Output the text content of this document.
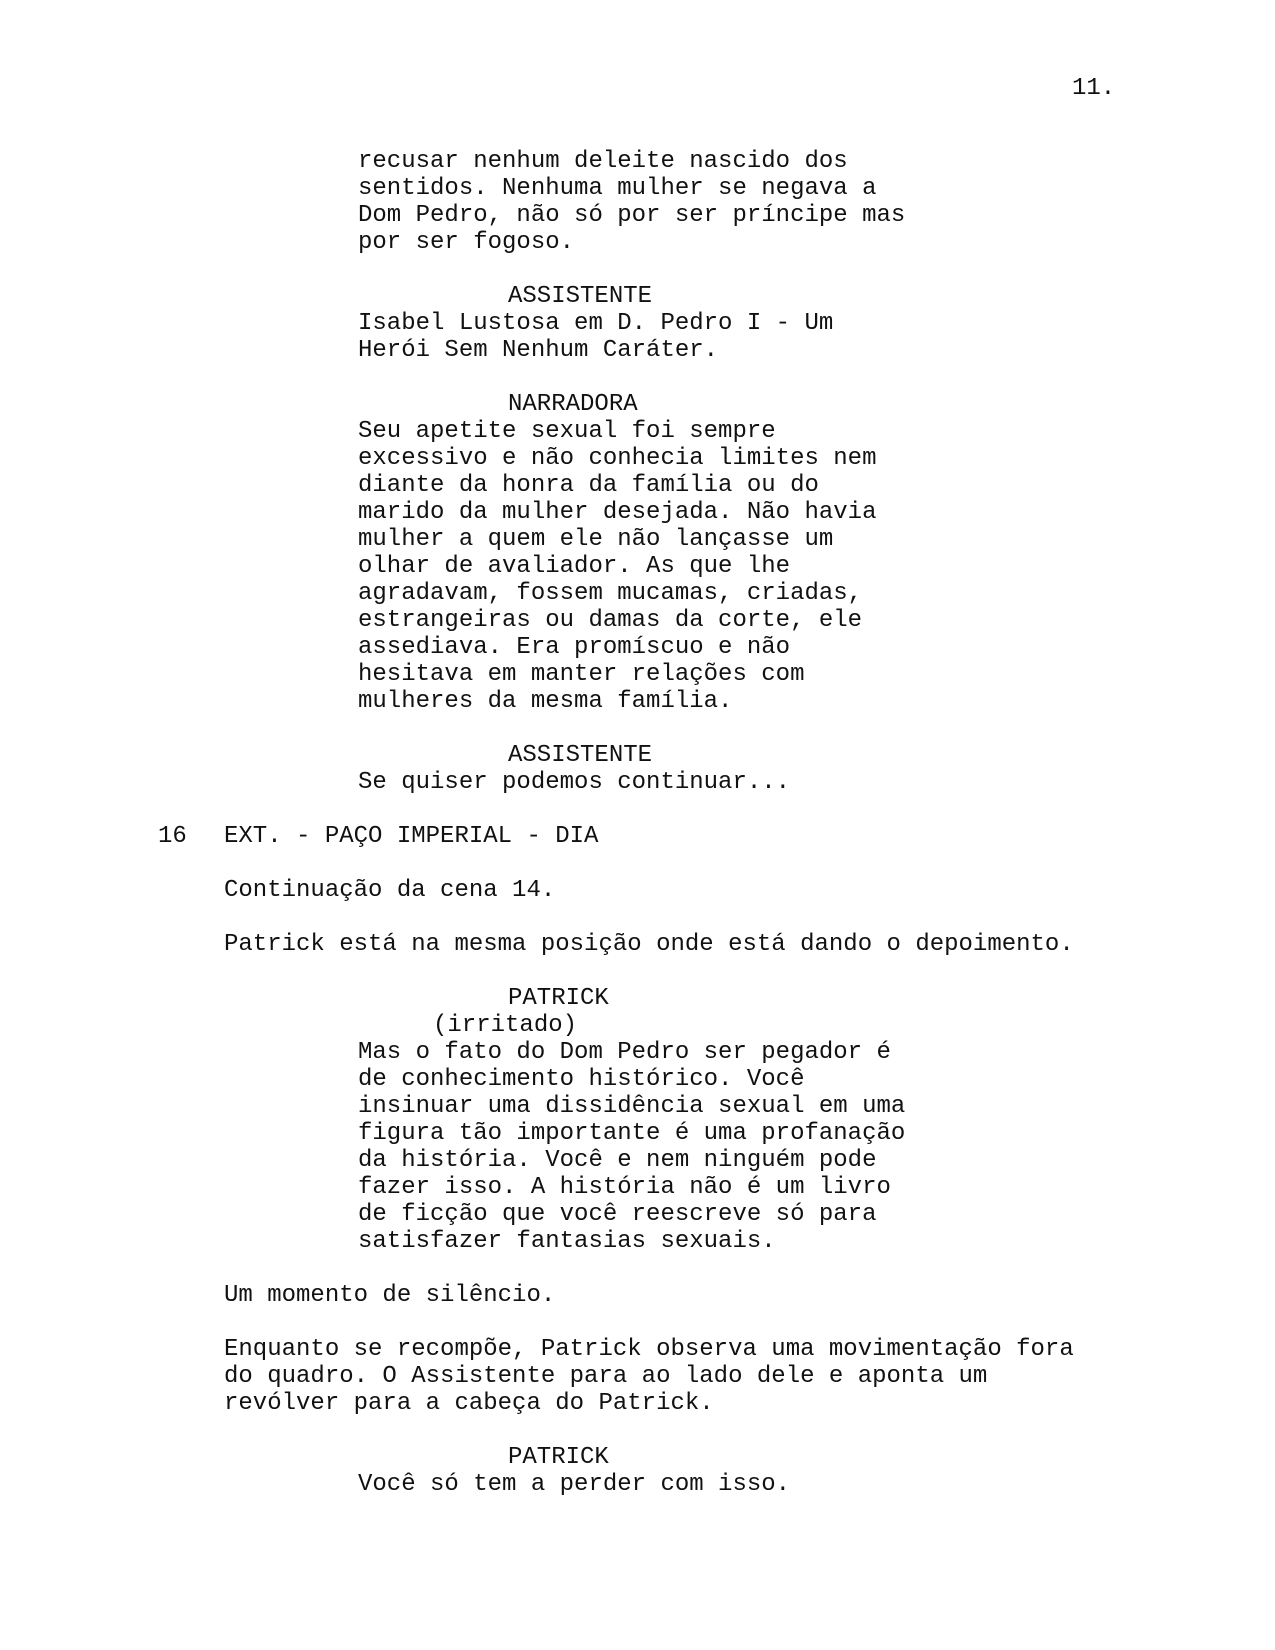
11.
recusar nenhum deleite nascido dos
sentidos. Nenhuma mulher se negava a
Dom Pedro, não só por ser príncipe mas
por ser fogoso.
ASSISTENTE
Isabel Lustosa em D. Pedro I - Um
Herói Sem Nenhum Caráter.
NARRADORA
Seu apetite sexual foi sempre
excessivo e não conhecia limites nem
diante da honra da família ou do
marido da mulher desejada. Não havia
mulher a quem ele não lançasse um
olhar de avaliador. As que lhe
agradavam, fossem mucamas, criadas,
estrangeiras ou damas da corte, ele
assediava. Era promíscuo e não
hesitava em manter relações com
mulheres da mesma família.
ASSISTENTE
Se quiser podemos continuar...
16 EXT. - PAÇO IMPERIAL - DIA
Continuação da cena 14.
Patrick está na mesma posição onde está dando o depoimento.
PATRICK
(irritado)
Mas o fato do Dom Pedro ser pegador é
de conhecimento histórico. Você
insinuar uma dissidência sexual em uma
figura tão importante é uma profanação
da história. Você e nem ninguém pode
fazer isso. A história não é um livro
de ficção que você reescreve só para
satisfazer fantasias sexuais.
Um momento de silêncio.
Enquanto se recompõe, Patrick observa uma movimentação fora
do quadro. O Assistente para ao lado dele e aponta um
revólver para a cabeça do Patrick.
PATRICK
Você só tem a perder com isso.
